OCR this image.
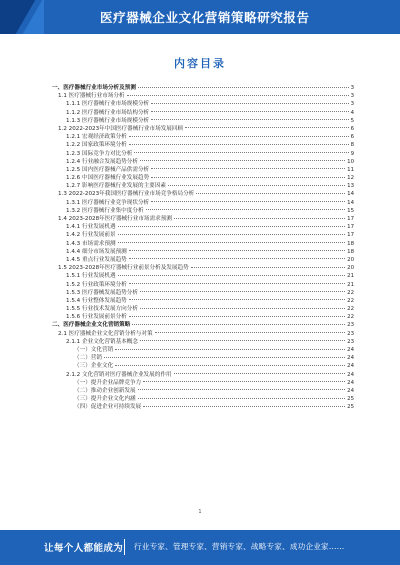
医疗器械企业文化营销策略研究报告
内容目录
一、医疗器械行业市场分析及预测	3
1.1 医疗器械行业市场分析	3
1.1.1 医疗器械行业市场规模分析	3
1.1.2 医疗器械行业市场结构分析	4
1.1.3 医疗器械行业市场规模分析	5
1.2 2022-2023年中国医疗器械行业市场发展回顾	6
1.2.1 宏观经济政策分析	6
1.2.2 国家政策环境分析	8
1.2.3 国际竞争力对比分析	9
1.2.4 行业融合发展趋势分析	10
1.2.5 国内医疗器械产品供需分析	11
1.2.6 中国医疗器械行业发展趋势	12
1.2.7 影响医疗器械行业发展的主要因素	13
1.3 2022-2023年我国医疗器械行业市场竞争格局分析	14
1.3.1 医疗器械行业竞争现状分析	14
1.3.2 医疗器械行业集中度分析	15
1.4 2023-2028年医疗器械行业市场需求预测	17
1.4.1 行业发展机遇	17
1.4.2 行业发展前景	17
1.4.3 市场需求预测	18
1.4.4 细分市场发展预测	18
1.4.5 重点行业发展趋势	20
1.5 2023-2028年医疗器械行业前景分析及发展趋势	20
1.5.1 行业发展机遇	21
1.5.2 行业政策环境分析	21
1.5.3 医疗器械发展趋势分析	22
1.5.4 行业整体发展趋势	22
1.5.5 行业技术发展方向分析	22
1.5.6 行业发展前景分析	22
二、医疗器械企业文化营销策略	23
2.1 医疗器械企业文化营销分析与对策	23
2.1.1 企业文化营销基本概念	23
（一）文化营销	24
（二）营销	24
（三）企业文化	24
2.1.2 文化营销对医疗器械企业发展的作用	24
（一）提升企业品牌竞争力	24
（二）推动企业创新发展	24
（三）提升企业文化内涵	25
（四）促进企业可持续发展	25
1
让每个人都能成为 行业专家、管理专家、营销专家、战略专家、成功企业家……
